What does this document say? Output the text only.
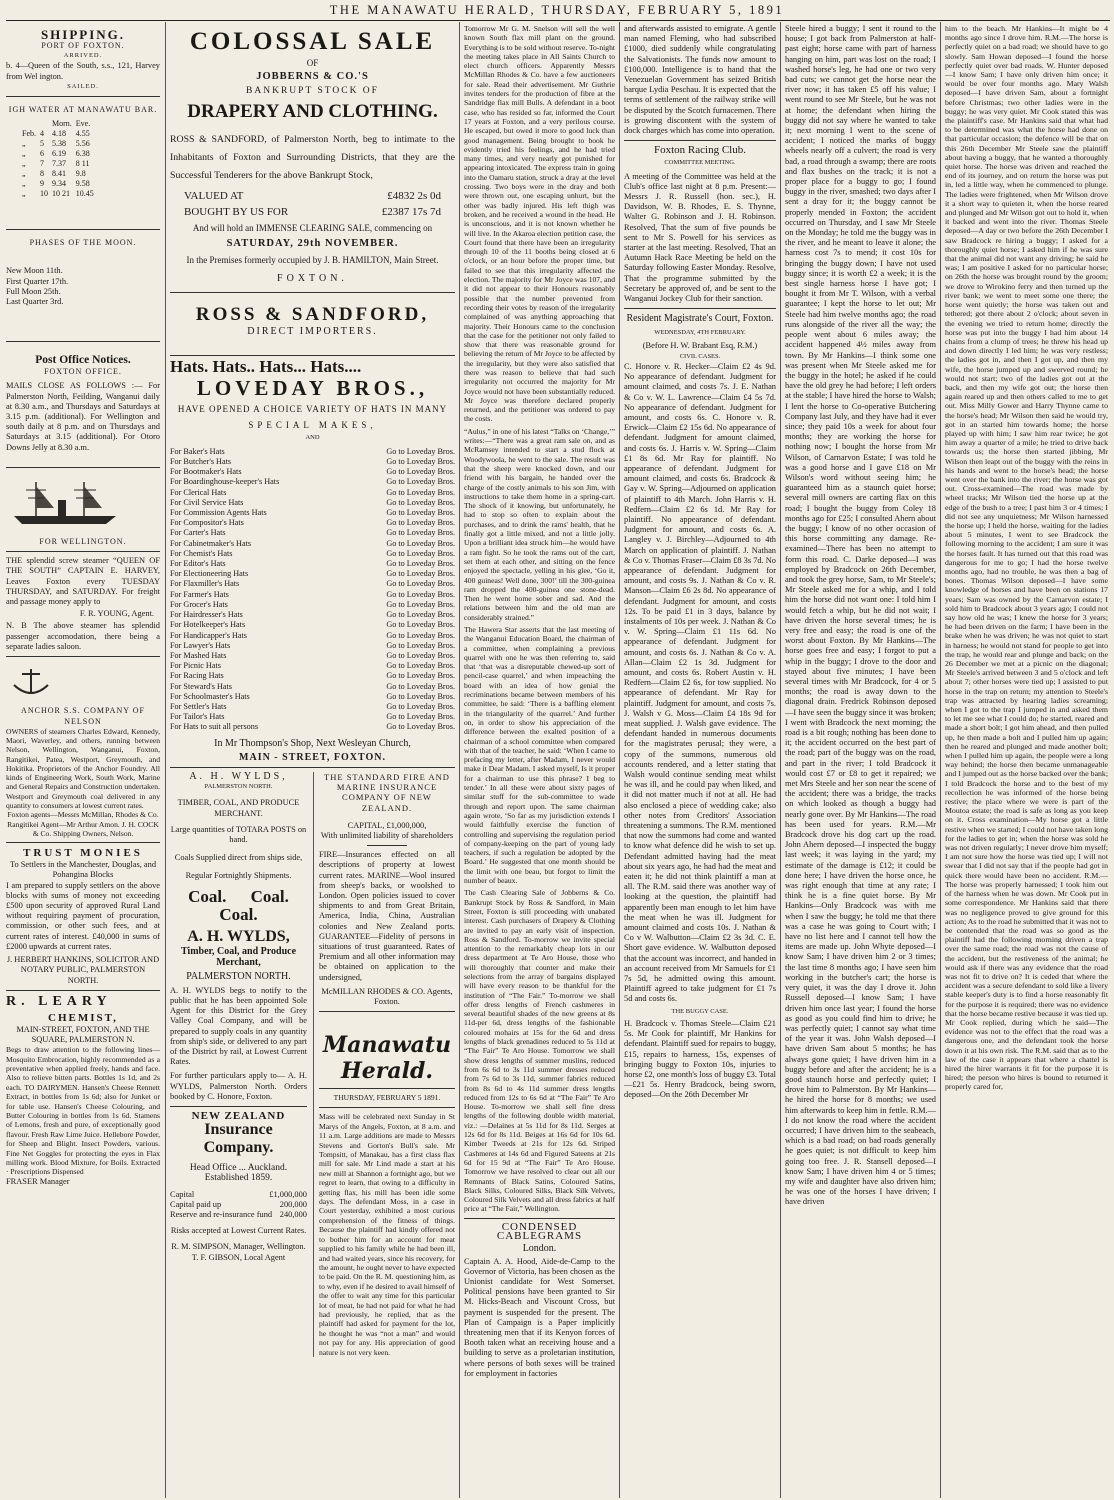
THE MANAWATU HERALD, THURSDAY, FEBRUARY 5, 1891
SHIPPING.
PORT OF FOXTON.
ARRIVED.

b. 4—Queen of the South, s.s., 121, Harvey from Wel ington.

SAILED.
IGH WATER AT MANAWATU BAR.
		Morn.	Eve.
Feb.	4	4.18	4.55
„	5	5.38	5.56
„	6	6.19	6.38
„	7	7.37	8 11
„	8	8.41	9.8
„	9	9.34	9.58
„	10	10 21	10.45
PHASES OF THE MOON.

New Moon 11th.

First Quarter 17th.

Full Moon 25th.

Last Quarter 3rd.

Post Office Notices.
FOXTON OFFICE.

MAILS CLOSE AS FOLLOWS :— For Palmerston North, Feilding, Wanganui daily at 8.30 a.m., and Thursdays and Saturdays at 3.15 p.m. (additional). For Wellington and south daily at 8 p.m. and on Thursdays and Saturdays at 3.15 (additional). For Otoro Downs Jelly at 8.30 a.m.

FOR WELLINGTON.

THE splendid screw steamer “QUEEN OF THE SOUTH” CAPTAIN E. HARVEY, Leaves Foxton every TUESDAY THURSDAY, and SATURDAY. For freight and passage money apply to

F. R. YOUNG, Agent.

N. B The above steamer has splendid passenger accomodation, there being a separate ladies saloon.

ANCHOR S.S. COMPANY OF NELSON

OWNERS of steamers Charles Edward, Kennedy, Maori, Waverley, and others, running between Nelson, Wellington, Wanganui, Foxton, Rangitikei, Patea, Westport, Greymouth, and Hokitika. Proprietors of the Anchor Foundry. All kinds of Engineering Work, South Work, Marine and General Repairs and Construction undertaken. Westport and Greymouth coal delivered in any quantity to consumers at lowest current rates.

Foxton agents—Messrs McMillan, Rhodes & Co. Rangitikei Agent—Mr Arthur Amon. J. H. COCK & Co. Shipping Owners, Nelson.

TRUST MONIES

To Settlers in the Manchester, Douglas, and Pohangina Blocks

I am prepared to supply settlers on the above blocks with sums of money not exceeding £500 upon security of approved Rural Land without requiring payment of procuration, commission, or other such fees, and at current rates of interest. £40,000 in sums of £2000 upwards at current rates.

J. HERBERT HANKINS, SOLICITOR AND NOTARY PUBLIC, PALMERSTON NORTH.

R. LEARY
CHEMIST,

MAIN-STREET, FOXTON, AND THE SQUARE, PALMERSTON N.

Begs to draw attention to the following lines— Mosquito Embrocation, highly recommended as a preventative when applied freely, hands and face. Also to relieve bitten parts. Bottles 1s 1d, and 2s each. TO DAIRYMEN. Hansen's Cheese Rennett Extract, in bottles from 1s 6d; also for Junket or for table use. Hansen's Cheese Colouring, and Butter Colouring in bottles from 1s 6d. Stamens of Lemons, fresh and pure, of exceptionally good flavour. Fresh Raw Lime Juice. Hellebore Powder, for Sheep and Blight. Insect Powders, various. Fine Net Goggles for protecting the eyes in Flax milling work. Blood Mixture, for Boils. Extracted · Prescriptions Dispensed

FRASER Manager

COLOSSAL SALE
OF
JOBBERNS & CO.'S
BANKRUPT STOCK OF
DRAPERY AND CLOTHING.

ROSS & SANDFORD, of Palmerston North, beg to intimate to the Inhabitants of Foxton and Surrounding Districts, that they are the Successful Tenderers for the above Bankrupt Stock,

VALUED AT	£4832 2s 0d
BOUGHT BY US FOR	£2387 17s 7d

And will hold an IMMENSE CLEARING SALE, commencing on

SATURDAY, 29th NOVEMBER.

In the Premises formerly occupied by J. B. HAMILTON, Main Street.

FOXTON.
ROSS & SANDFORD,
DIRECT IMPORTERS.
Hats. Hats.. Hats... Hats....
LOVEDAY BROS.,

HAVE OPENED A CHOICE VARIETY OF HATS IN MANY

SPECIAL MAKES,
AND
For Baker's Hats	Go to Loveday Bros.
For Butcher's Hats	Go to Loveday Bros.
For Bootmaker's Hats	Go to Loveday Bros.
For Boardinghouse-keeper's Hats	Go to Loveday Bros.
For Clerical Hats	Go to Loveday Bros.
For Civil Service Hats	Go to Loveday Bros.
For Commission Agents Hats	Go to Loveday Bros.
For Compositor's Hats	Go to Loveday Bros.
For Carter's Hats	Go to Loveday Bros.
For Cabinetmaker's Hats	Go to Loveday Bros.
For Chemist's Hats	Go to Loveday Bros.
For Editor's Hats	Go to Loveday Bros.
For Electioneering Hats	Go to Loveday Bros.
For Flaxmiller's Hats	Go to Loveday Bros.
For Farmer's Hats	Go to Loveday Bros.
For Grocer's Hats	Go to Loveday Bros.
For Hairdresser's Hats	Go to Loveday Bros.
For Hotelkeeper's Hats	Go to Loveday Bros.
For Handicapper's Hats	Go to Loveday Bros.
For Lawyer's Hats	Go to Loveday Bros.
For Mashed Hats	Go to Loveday Bros.
For Picnic Hats	Go to Loveday Bros.
For Racing Hats	Go to Loveday Bros.
For Steward's Hats	Go to Loveday Bros.
For Schoolmaster's Hats	Go to Loveday Bros.
For Settler's Hats	Go to Loveday Bros.
For Tailor's Hats	Go to Loveday Bros.
For Hats to suit all persons	Go to Loveday Bros.

In Mr Thompson's Shop, Next Wesleyan Church,

MAIN - STREET, FOXTON.
A. H. WYLDS,
PALMERSTON NORTH.

TIMBER, COAL, AND PRODUCE MERCHANT.

Large quantities of TOTARA POSTS on hand.

Coals Supplied direct from ships side,

Regular Fortnightly Shipments.

Coal. Coal.
Coal.
A. H. WYLDS,
Timber, Coal, and Produce Merchant,
PALMERSTON NORTH.

A. H. WYLDS begs to notify to the public that he has been appointed Sole Agent for this District for the Grey Valley Coal Company, and will be prepared to supply coals in any quantity from ship's side, or delivered to any part of the District by rail, at Lowest Current Rates.

For further particulars apply to— A. H. WYLDS, Palmerston North. Orders booked by C. Honore, Foxton.

NEW ZEALAND
Insurance Company.

Head Office ... Auckland.

Established 1859.

Capital	£1,000,000
Capital paid up	200,000
Reserve and re-insurance fund 240,000

Risks accepted at Lowest Current Rates.

R. M. SIMPSON, Manager, Wellington.

T. F. GIBSON, Local Agent

THE STANDARD FIRE AND MARINE INSURANCE COMPANY OF NEW ZEALAND.

CAPITAL, £1,000,000,

With unlimited liability of shareholders

FIRE—Insurances effected on all descriptions of property at lowest current rates. MARINE—Wool insured from sheep's backs, or woolshed to London. Open policies issued to cover shipments to and from Great Britain, America, India, China, Australian colonies and New Zealand ports. GUARANTEE—Fidelity of persons in situations of trust guaranteed. Rates of Premium and all other information may be obtained on application to the undersigned,

McMILLAN RHODES & CO. Agents, Foxton.

Manawatu Herald.

THURSDAY, FEBRUARY 5 1891.

Mass will be celebrated next Sunday in St Marys of the Angels, Foxton, at 8 a.m. and 11 a.m. Large additions are made to Messrs Stevens and Gorton's Bull's sale. Mr Tompsitt, of Manakau, has a first class flax mill for sale. Mr Lind made a start at his new mill at Shannon a fortnight ago, but we regret to learn, that owing to a difficulty in getting flax, his mill has been idle some days. The defendant Moss, in a case in Court yesterday, exhibited a most curious comprehension of the fitness of things. Because the plaintiff had kindly offered not to bother him for an account for meat supplied to his family while he had been ill, and had waited years, since his recovery, for the amount, he ought never to have expected to be paid. On the R. M. questioning him, as to why, even if he desired to avail himself of the offer to wait any time for this particular lot of meat, he had not paid for what he had had previously, he replied, that as the plaintiff had asked for payment for the lot, he thought he was “not a man” and would not pay for any. His appreciation of good nature is not very keen.

Tomorrow Mr G. M. Snelson will sell the well known South flax mill plant on the ground. Everything is to be sold without reserve. To-night the meeting takes place in All Saints Church to elect church officers. Apparently Messrs McMillan Rhodes & Co. have a few auctioneers for sale. Read their advertisement. Mr Guthrie invites tenders for the production of fibre at the Sandridge flax mill Bulls. A defendant in a boot case, who has resided so far, informed the Court 17 years at Foxton, and a very perilous course. He escaped, but owed it more to good luck than good management. Being brought to book he evidently tried his feelings, and he had tried many times, and very nearly got punished for appearing intoxicated. The express train in going into the Oamaru station, struck a dray at the level crossing. Two boys were in the dray and both were thrown out, one escaping unhurt, but the other was badly injured. His left thigh was broken, and he received a wound in the head. He is unconscious, and it is not known whether he will live. In the Akaroa election petition case, the Court found that there have been an irregularity through 10 of the 11 booths being closed at 6 o'clock, or an hour before the proper time, but failed to see that this irregularity affected the election. The majority for Mr Joyce was 107, and it did not appear to their Honours reasonably possible that the number prevented from recording their votes by reason of the irregularity complained of was anything approaching that majority. Their Honours came to the conclusion that the case for the petitioner not only failed to show that there was reasonable ground for believing the return of Mr Joyce to be affected by the irregularity, but they were also satisfied that there was reason to believe that had such irregularity not occurred the majority for Mr Joyce would not have been substantially reduced. Mr Joyce was therefore declared properly returned, and the petitioner was ordered to pay the costs.

“Aulus,” in one of his latest “Talks on ‘Change,’” writes:—“There was a great ram sale on, and as McRamsey intended to start a stud flock at Woodywoola, he went to the sale. The result was that the sheep were knocked down, and our friend with his bargain, he handed over the charge of the costly animals to his son Jim, with instructions to take them home in a spring-cart. The shock of it knowing, but unfortunately, he had to stop so often to explain about the purchases, and to drink the rams' health, that he finally got a little mixed, and not a little jolly. Upon a brilliant idea struck him—he would have a ram fight. So he took the rams out of the cart, set them at each other, and sitting on the fence enjoyed the spectacle, yelling in his glee, ‘Go it, 400 guineas! Well done, 300!’ till the 300-guinea ram dropped the 400-guinea one stone-dead. Then he went home sober and sad. And the relations between him and the old man are considerably strained.”

The Hawera Star asserts that the last meeting of the Wanganui Education Board, the chairman of a committee, when complaining a previous quarrel with one he was then referring to, said that ‘that was a disreputable chewed-up sort of pencil-case quarrel,’ and when impeaching the board with an idea of how genial the recriminations became between members of his committee, he said: ‘There is a baffling element in the triangularity of the quarrel.’ And further on, in order to show his appreciation of the difference between the exalted position of a chairman of a school committee when compared with that of the teacher, he said: ‘When I came to prefacing my letter, after Madam, I never would make it Dear Madam. I asked myself, Is it proper for a chairman to use this phrase? I beg to tender.’ In all these were about sixty pages of similar stuff for the sub-committee to wade through and report upon. The same chairman again wrote, ‘So far as my jurisdiction extends I would faithfully exercise the function of controlling and supervising the regulation period of company-keeping on the part of young lady teachers, if such a regulation be adopted by the Board.’ He suggested that one month should be the limit with one beau, but forgot to limit the number of beaux.

The Cash Clearing Sale of Jobberns & Co. Bankrupt Stock by Ross & Sandford, in Main Street, Foxton is still proceeding with unabated interest. Cash purchasers of Drapery & Clothing are invited to pay an early visit of inspection. Ross & Sandford. To-morrow we invite special attention to the remarkably cheap lots in our dress department at Te Aro House, those who will thoroughly that counter and make their selections from the array of bargains displayed will have every reason to be thankful for the institution of “The Fair.” To-morrow we shall offer dress lengths of French cashmeres in several beautiful shades of the new greens at 8s 11d-per 6d, dress lengths of the fashionable coloured mohairs at 15s for the 6d and dress lengths of black grenadines reduced to 5s 11d at “The Fair” Te Aro House. Tomorrow we shall show dress lengths of summer muslins, reduced from 6s 6d to 3s 11d summer dresses reduced from 7s 6d to 3s 11d, summer fabrics reduced from 8s 6d to 4s 11d summer dress lengths reduced from 12s to 6s 6d at “The Fair” Te Aro House. To-morrow we shall sell fine dress lengths of the following double width material, viz.: —Delaines at 5s 11d for 8s 11d. Serges at 12s 6d for 8s 11d. Beiges at 16s 6d for 10s 6d. Kimber Tweeds at 21s for 12s 6d. Striped Cashmeres at 14s 6d and Figured Sateens at 21s 6d for 15 9d at “The Fair” Te Aro House. Tomorrow we have resolved to clear out all our Remnants of Black Satins, Coloured Satins, Black Silks, Coloured Silks, Black Silk Velvets, Coloured Silk Velvets and all dress fabrics at half price at “The Fair,” Wellington.

CONDENSED CABLEGRAMS
London.

Captain A. A. Hood, Aide-de-Camp to the Governor of Victoria, has been chosen as the Unionist candidate for West Somerset. Political pensions have been granted to Sir M. Hicks-Beach and Viscount Cross, but payment is suspended for the present. The Plan of Campaign is a Paper implicitly threatening men that if its Kenyon forces of Booth taken what an receiving house and a building to serve as a proletarian institution, where persons of both sexes will be trained for employment in factories

and afterwards assisted to emigrate. A gentle man named Fleming, who had subscribed £1000, died suddenly while congratulating the Salvationists. The funds now amount to £100,000. Intelligence is to hand that the Venezuelan Government has seized British barque Lydia Peschau. It is expected that the terms of settlement of the railway strike will be disputed by the Scotch furnacemen. There is growing discontent with the system of dock charges which has come into operation.

Foxton Racing Club.
COMMITTEE MEETING.

A meeting of the Committee was held at the Club's office last night at 8 p.m. Present:—Messrs J. R. Russell (hon. sec.), H. Davidson, W. B. Rhodes, E. S. Thynne, Walter G. Robinson and J. H. Robinson. Resolved, That the sum of five pounds be sent to Mr S. Powell for his services as starter at the last meeting. Resolved, That an Autumn Hack Race Meeting be held on the Saturday following Easter Monday. Resolve, That the programme submitted by the Secretary be approved of, and be sent to the Wanganui Jockey Club for their sanction.

Resident Magistrate's Court, Foxton.
WEDNESDAY, 4TH FEBRUARY.

(Before H. W. Brabant Esq, R.M.)

CIVIL CASES.

C. Honore v. R. Hecker—Claim £2 4s 9d. No appearance of defendant. Judgment for amount claimed, and costs 7s. J. E. Nathan & Co v. W. L. Lawrence—Claim £4 5s 7d. No appearance of defendant. Judgment for amount, and costs 6s. C. Honore v. R. Erwick—Claim £2 15s 6d. No appearance of defendant. Judgment for amount claimed, and costs 6s. J. Harris v. W. Spring—Claim £1 8s 6d. Mr Ray for plaintiff. No appearance of defendant. Judgment for amount claimed, and costs 6s. Bradcock & Gay v. W. Spring—Adjourned on application of plaintiff to 4th March. John Harris v. H. Redfern—Claim £2 6s 1d. Mr Ray for plaintiff. No appearance of defendant. Judgment for amount, and costs 6s. A. Langley v. J. Birchley—Adjourned to 4th March on application of plaintiff. J. Nathan & Co v. Thomas Fraser—Claim £8 3s 7d. No appearance of defendant. Judgment for amount, and costs 9s. J. Nathan & Co v. R. Manson—Claim £6 2s 8d. No appearance of defendant. Judgment for amount, and costs 12s. To be paid £1 in 3 days, balance by instalments of 10s per week. J. Nathan & Co v. W. Spring—Claim £1 11s 6d. No appearance of defendant. Judgment for amount, and costs 6s. J. Nathan & Co v. A. Allan—Claim £2 1s 3d. Judgment for amount, and costs 6s. Robert Austin v. H. Redfern—Claim £2 6s, for tow supplied. No appearance of defendant. Mr Ray for plaintiff. Judgment for amount, and costs 7s. J. Walsh v G. Moss—Claim £4 18s 9d for meat supplied. J. Walsh gave evidence. The defendant handed in numerous documents for the magistrates perusal; they were, a copy of the summons, numerous old accounts rendered, and a letter stating that Walsh would continue sending meat whilst he was ill, and he could pay when liked, and it did not matter much if not at all. He had also enclosed a piece of wedding cake; also other notes from Creditors' Association threatening a summons. The R.M. mentioned that now the summons had come and wanted to know what defence did he wish to set up. Defendant admitted having had the meat about six years ago, he had had the meat and eaten it; he did not think plaintiff a man at all. The R.M. said there was another way of looking at the question, the plaintiff had apparently been man enough to let him have the meat when he was ill. Judgment for amount claimed and costs 10s. J. Nathan & Co v W. Walbutton—Claim £2 3s 3d. C. E. Short gave evidence. W. Walbutton deposed that the account was incorrect, and handed in an account received from Mr Samuels for £1 7s 5d, he admitted owing this amount. Plaintiff agreed to take judgment for £1 7s 5d and costs 6s.

THE BUGGY CASE.

H. Bradcock v. Thomas Steele—Claim £21 5s. Mr Cook for plaintiff, Mr Hankins for defendant. Plaintiff sued for repairs to buggy, £15, repairs to harness, 15s, expenses of bringing buggy to Foxton 10s, injuries to horse £2, one month's loss of buggy £3. Total—£21 5s. Henry Bradcock, being sworn, deposed—On the 26th December Mr

Steele hired a buggy; I sent it round to the house; I got back from Palmerston at half-past eight; horse came with part of harness hanging on him, part was lost on the road; I washed horse's leg, he had one or two very bad cuts; we cannot get the horse near the river now; it has taken £5 off his value; I went round to see Mr Steele, but he was not at home; the defendant when hiring the buggy did not say where he wanted to take it; next morning I went to the scene of accident; I noticed the marks of buggy wheels nearly off a culvert; the road is very bad, a road through a swamp; there are roots and flax bushes on the track; it is not a proper place for a buggy to go; I found buggy in the river, smashed; two days after I sent a dray for it; the buggy cannot be properly mended in Foxton; the accident occurred on Thursday, and I saw Mr Steele on the Monday; he told me the buggy was in the river, and he meant to leave it alone; the harness cost 7s to mend; it cost 10s for bringing the buggy down; I have not used buggy since; it is worth £2 a week; it is the best single harness horse I have got; I bought it from Mr T. Wilson, with a verbal guarantee; I kept the horse to let out; Mr Steele had him twelve months ago; the road runs alongside of the river all the way; the people went about 6 miles away; the accident happened 4½ miles away from town. By Mr Hankins—I think some one was present when Mr Steele asked me for the buggy in the hotel; he asked if he could have the old grey he had before; I left orders at the stable; I have hired the horse to Walsh; I lent the horse to Co-operative Butchering Company last July, and they have had it ever since; they paid 10s a week for about four months; they are working the horse for nothing now; I bought the horse from Mr Wilson, of Carnarvon Estate; I was told he was a good horse and I gave £18 on Mr Wilson's word without seeing him; he guaranteed him as a staunch quiet horse; several mill owners are carting flax on this road; I bought the buggy from Coley 18 months ago for £25; I consulted Ahern about the buggy; I know of no other occasion of this horse committing any damage. Re-examined—There has been no attempt to form this road. C. Darke deposed—I was employed by Bradcock on 26th December, and took the grey horse, Sam, to Mr Steele's; Mr Steele asked me for a whip, and I told him the horse did not want one: I told him I would fetch a whip, but he did not wait; I have driven the horse several times; he is very free and easy; the road is one of the worst about Foxton. By Mr Hankins—The horse goes free and easy; I forgot to put a whip in the buggy; I drove to the door and stayed about five minutes; I have been several times with Mr Bradcock, for 4 or 5 months; the road is away down to the diagonal drain. Fredrick Robinson deposed—I have seen the buggy since it was broken; I went with Bradcock the next morning; the road is a bit rough; nothing has been done to it; the accident occurred on the best part of the road; part of the buggy was on the road, and part in the river; I told Bradcock it would cost £7 or £8 to get it repaired; we met Mrs Steele and her son near the scene of the accident; there was a bridge, the tracks on which looked as though a buggy had nearly gone over. By Mr Hankins—The road has been used for years. R.M.—Mr Bradcock drove his dog cart up the road. John Ahern deposed—I inspected the buggy last week; it was laying in the yard; my estimate of the damage is £12; it could be done here; I have driven the horse once, he was right enough that time at any rate; I think he is a fine quiet horse. By Mr Hankins—Only Bradcock was with me when I saw the buggy; he told me that there was a case he was going to Court with; I have no list here and I cannot tell how the items are made up. John Whyte deposed—I know Sam; I have driven him 2 or 3 times; the last time 8 months ago; I have seen him working in the butcher's cart; the horse is very quiet, it was the day I drove it. John Russell deposed—I know Sam; I have driven him once last year; I found the horse as good as you could find him to drive; he was perfectly quiet; I cannot say what time of the year it was. John Walsh deposed—I have driven Sam about 5 months; he has always gone quiet; I have driven him in a buggy before and after the accident; he is a good staunch horse and perfectly quiet; I drove him to Palmerston. By Mr Hankins—he hired the horse for 8 months; we used him afterwards to keep him in fettle. R.M.—I do not know the road where the accident occurred; I have driven him to the seabeach, which is a bad road; on bad roads generally he goes quiet; is not difficult to keep him going too free. J. R. Stansell deposed—I know Sam; I have driven him 4 or 5 times; my wife and daughter have also driven him; he was one of the horses I have driven; I have driven

him to the beach. Mr Hankins—It might be 4 months ago since I drove him. R.M.—The horse is perfectly quiet on a bad road; we should have to go slowly. Sam Howan deposed—I found the horse perfectly quiet over bad roads. W. Hunter deposed—I know Sam; I have only driven him once; it would be over four months ago. Mary Walsh deposed—I have driven Sam, about a fortnight before Christmas; two other ladies were in the buggy; he was very quiet. Mr Cook stated this was the plaintiff's case. Mr Hankins said that what had to be determined was what the horse had done on that particular occasion; the defence will be that on this 26th December Mr Steele saw the plaintiff about having a buggy, that he wanted a thoroughly quiet horse. The horse was driven and reached the end of its journey, and on return the horse was put in, led a little way, when he commenced to plunge. The ladies were frightened, when Mr Wilson drove it a short way to quieten it, when the horse reared and plunged and Mr Wilson got out to hold it, when it backed and went into the river. Thomas Steele deposed—A day or two before the 26th December I saw Bradcock re hiring a buggy; I asked for a thoroughly quiet horse; I asked him if he was sure that the animal did not want any driving; he said he was; I am positive I asked for no particular horse; on 26th the horse was brought round by the groom; we drove to Wirokino ferry and then turned up the river bank; we went to meet some one there; the horse went quietly; the horse was taken out and tethered; got there about 2 o'clock; about seven in the evening we tried to return home; directly the horse was put into the buggy I had him about 14 chains from a clump of trees; he threw his head up and down directly I led him; he was very restless; the ladies got in, and then I got up, and then my wife, the horse jumped up and swerved round; he would not start; two of the ladies got out at the back, and then my wife got out; the horse then again reared up and then others called to me to get out. Miss Milly Gower and Harry Thynne came to the horse's head; Mr Wilson then said he would try, got in an started him towards home; the horse played up with him; I saw him rear twice; he got him away a quarter of a mile; he tried to drive back towards us; the horse then started jibbing, Mr Wilson then leapt out of the buggy with the reins in his hands and went to the horse's head; the horse went over the bank into the river; the horse was got out. Cross-examined—The road was made by wheel tracks; Mr Wilson tied the horse up at the edge of the bush to a tree; I past him 3 or 4 times; I did not see any unquietness; Mr Wilson harnessed the horse up; I held the horse, waiting for the ladies about 5 minutes, I went to see Bradcock the following morning to the accident; I am sure it was the horses fault. It has turned out that this road was dangerous for me to go; I had the horse twelve months ago, had no trouble, he was then a bag of bones. Thomas Wilson deposed—I have some knowledge of horses and have been on stations 17 years; Sam was owned by the Carnarvon estate; I sold him to Bradcock about 3 years ago; I could not say how old he was; I knew the horse for 3 years; he had been driven on the farm; I have been in the brake when he was driven; he was not quiet to start in harness; he would not stand for people to get into the trap, he would rear and plunge and back; on the 26 December we met at a picnic on the diagonal; Mr Steele's arrived between 3 and 5 o'clock and left about 7; other horses were tied up; I assisted to put horse in the trap on return; my attention to Steele's trap was attracted by hearing ladies screaming; when I got to the trap I jumped in and asked them to let me see what I could do; he started, reared and made a short bolt; I got him ahead, and then pulled up, he then made a bolt and I pulled him up again; then he reared and plunged and made another bolt; when I pulled him up again, the people were a long way behind; the horse then became unmanageable and I jumped out as the horse backed over the bank; I told Bradcock the horse and to the best of my recollection he was informed of the horse being restive; the place where we were is part of the Moutoa estate; the road is safe as long as you keep on it. Cross examination—My horse got a little restive when we started; I could not have taken long for the ladies to get in; when the horse was sold he was not driven regularly; I never drove him myself; I am not sure how the horse was tied up; I will not swear that I did not say that if the people had got in quick there would have been no accident. R.M.—The horse was properly harnessed; I took him out of the harness when he was down. Mr Cook put in some correspondence. Mr Hankins said that there was no negligence proved to give ground for this action; As to the road he submitted that it was not to be contended that the road was so good as the plaintiff had the following morning driven a trap over the same road; the road was not the cause of the accident, but the restiveness of the animal; he would ask if there was any evidence that the road was not fit to drive on? It is ceded that where the accident was a secure defendant to sold like a livery stable keeper's duty is to find a horse reasonably fit for the purpose it is required; there was no evidence that the horse became restive because it was tied up. Mr Cook replied, during which he said—The evidence was not to the effect that the road was a dangerous one, and the defendant took the horse down it at his own risk. The R.M. said that as to the law of the case it appears that where a chattel is hired the hirer warrants it fit for the purpose it is hired; the person who hires is bound to returned it properly cared for,
